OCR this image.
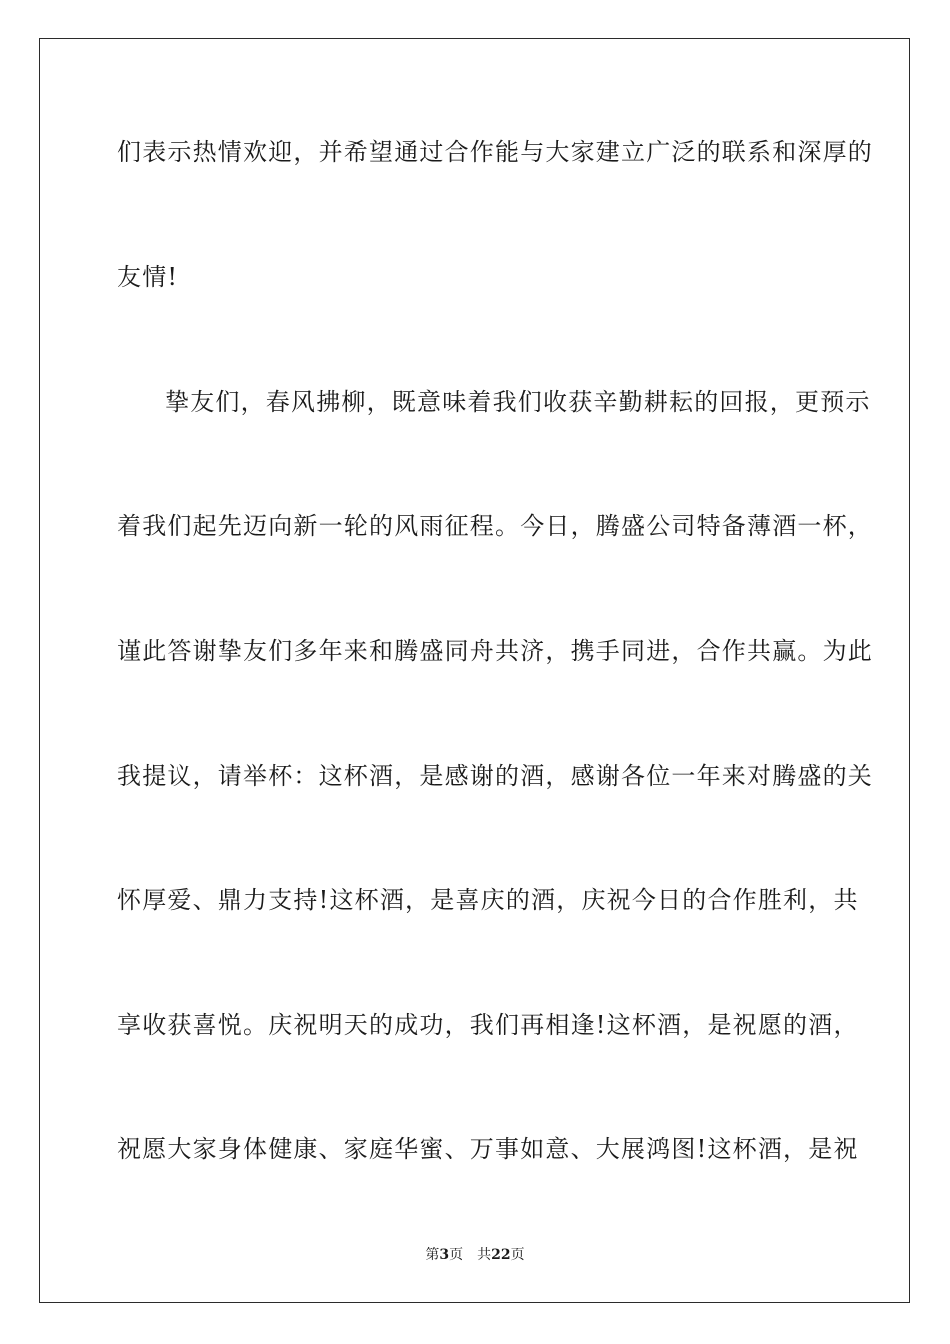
们表示热情欢迎，并希望通过合作能与大家建立广泛的联系和深厚的
友情!
挚友们，春风拂柳，既意味着我们收获辛勤耕耘的回报，更预示
着我们起先迈向新一轮的风雨征程。今日，腾盛公司特备薄酒一杯，
谨此答谢挚友们多年来和腾盛同舟共济，携手同进，合作共赢。为此
我提议，请举杯：这杯酒，是感谢的酒，感谢各位一年来对腾盛的关
怀厚爱、鼎力支持!这杯酒，是喜庆的酒，庆祝今日的合作胜利，共
享收获喜悦。庆祝明天的成功，我们再相逢!这杯酒，是祝愿的酒，
祝愿大家身体健康、家庭华蜜、万事如意、大展鸿图!这杯酒，是祝
第3页 共22页
